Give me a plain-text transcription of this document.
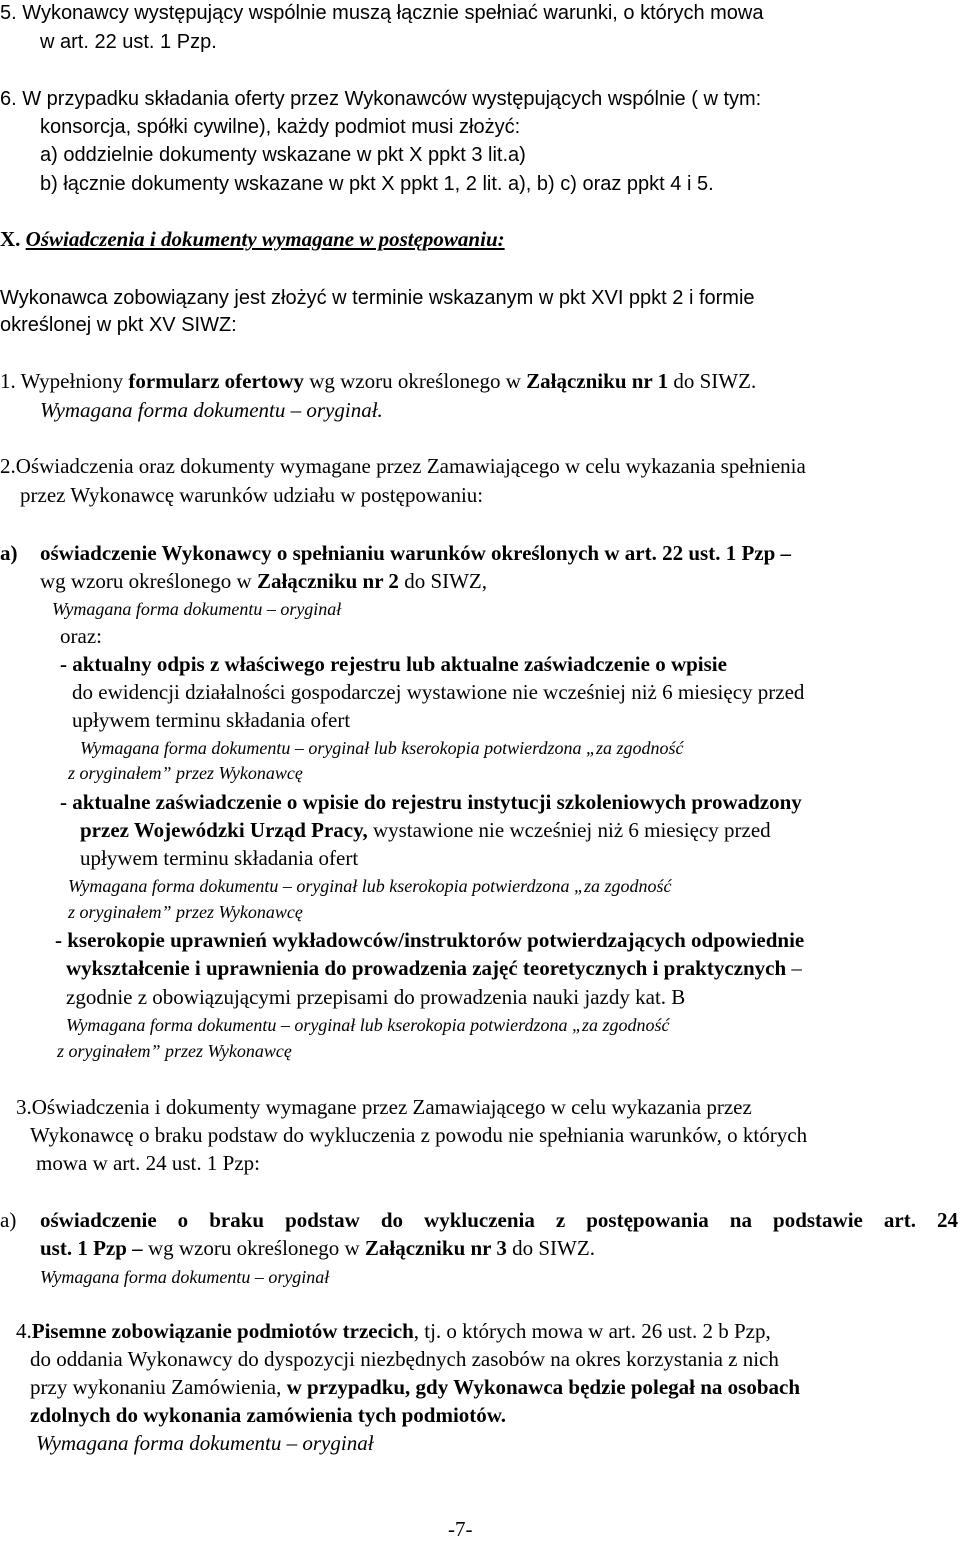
5. Wykonawcy występujący wspólnie muszą łącznie spełniać warunki, o których mowa
w art. 22 ust. 1 Pzp.
6. W przypadku składania oferty przez Wykonawców występujących wspólnie ( w tym:
konsorcja, spółki cywilne), każdy podmiot musi złożyć:
a) oddzielnie dokumenty wskazane w pkt X ppkt 3 lit.a)
b) łącznie dokumenty wskazane w pkt X ppkt 1, 2 lit. a), b) c) oraz ppkt 4 i 5.
X. Oświadczenia i dokumenty wymagane w postępowaniu:
Wykonawca zobowiązany jest złożyć w terminie wskazanym w pkt XVI ppkt 2 i formie
określonej w pkt XV SIWZ:
1. Wypełniony formularz ofertowy wg wzoru określonego w Załączniku nr 1 do SIWZ.
Wymagana forma dokumentu – oryginał.
2.Oświadczenia oraz dokumenty wymagane przez Zamawiającego w celu wykazania spełnienia
przez Wykonawcę warunków udziału w postępowaniu:
a) oświadczenie Wykonawcy o spełnianiu warunków określonych w art. 22 ust. 1 Pzp –
wg wzoru określonego w Załączniku nr 2 do SIWZ,
Wymagana forma dokumentu – oryginał
oraz:
- aktualny odpis z właściwego rejestru lub aktualne zaświadczenie o wpisie
do ewidencji działalności gospodarczej wystawione nie wcześniej niż 6 miesięcy przed
upływem terminu składania ofert
Wymagana forma dokumentu – oryginał lub kserokopia potwierdzona „za zgodność
z oryginałem” przez Wykonawcę
- aktualne zaświadczenie o wpisie do rejestru instytucji szkoleniowych prowadzony
przez Wojewódzki Urząd Pracy, wystawione nie wcześniej niż 6 miesięcy przed
upływem terminu składania ofert
Wymagana forma dokumentu – oryginał lub kserokopia potwierdzona „za zgodność
z oryginałem” przez Wykonawcę
- kserokopie uprawnień wykładowców/instruktorów potwierdzających odpowiednie
wykształcenie i uprawnienia do prowadzenia zajęć teoretycznych i praktycznych –
zgodnie z obowiązującymi przepisami do prowadzenia nauki jazdy kat. B
Wymagana forma dokumentu – oryginał lub kserokopia potwierdzona „za zgodność
z oryginałem” przez Wykonawcę
3.Oświadczenia i dokumenty wymagane przez Zamawiającego w celu wykazania przez
Wykonawcę o braku podstaw do wykluczenia z powodu nie spełniania warunków, o których
mowa w art. 24 ust. 1 Pzp:
a) oświadczenie o braku podstaw do wykluczenia z postępowania na podstawie art. 24
ust. 1 Pzp – wg wzoru określonego w Załączniku nr 3 do SIWZ.
Wymagana forma dokumentu – oryginał
4.Pisemne zobowiązanie podmiotów trzecich, tj. o których mowa w art. 26 ust. 2 b Pzp,
do oddania Wykonawcy do dyspozycji niezbędnych zasobów na okres korzystania z nich
przy wykonaniu Zamówienia, w przypadku, gdy Wykonawca będzie polegał na osobach
zdolnych do wykonania zamówienia tych podmiotów.
Wymagana forma dokumentu – oryginał
-7-
